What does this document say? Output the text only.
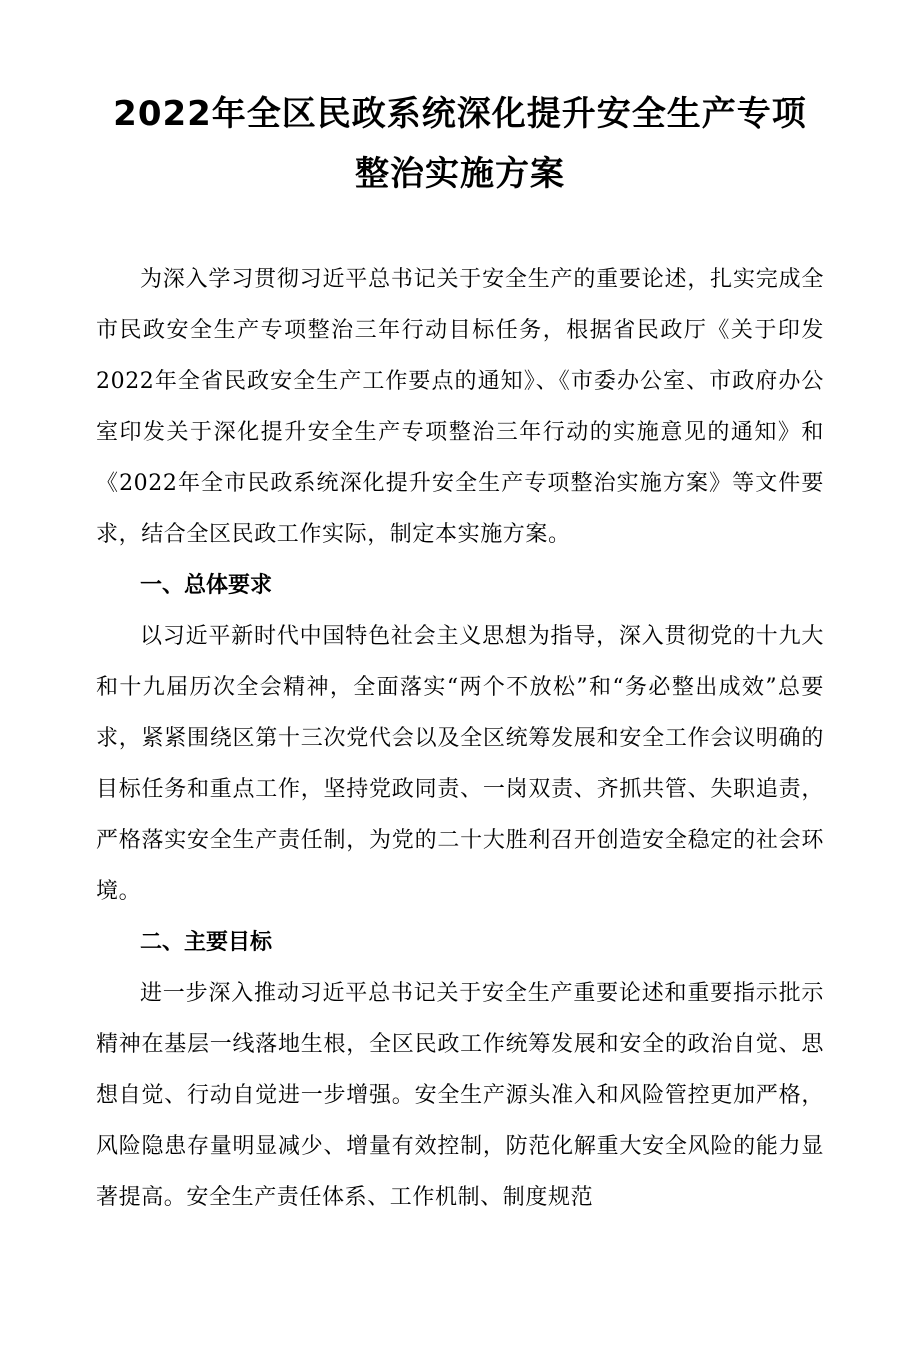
2022年全区民政系统深化提升安全生产专项
整治实施方案

为深入学习贯彻习近平总书记关于安全生产的重要论述，扎实完成全市民政安全生产专项整治三年行动目标任务，根据省民政厅《关于印发2022年全省民政安全生产工作要点的通知》、《市委办公室、市政府办公室印发关于深化提升安全生产专项整治三年行动的实施意见的通知》和《2022年全市民政系统深化提升安全生产专项整治实施方案》等文件要求，结合全区民政工作实际，制定本实施方案。

一、总体要求

以习近平新时代中国特色社会主义思想为指导，深入贯彻党的十九大和十九届历次全会精神，全面落实“两个不放松”和“务必整出成效”总要求，紧紧围绕区第十三次党代会以及全区统筹发展和安全工作会议明确的目标任务和重点工作，坚持党政同责、一岗双责、齐抓共管、失职追责，严格落实安全生产责任制，为党的二十大胜利召开创造安全稳定的社会环境。

二、主要目标

进一步深入推动习近平总书记关于安全生产重要论述和重要指示批示精神在基层一线落地生根，全区民政工作统筹发展和安全的政治自觉、思想自觉、行动自觉进一步增强。安全生产源头准入和风险管控更加严格，风险隐患存量明显减少、增量有效控制，防范化解重大安全风险的能力显著提高。安全生产责任体系、工作机制、制度规范
